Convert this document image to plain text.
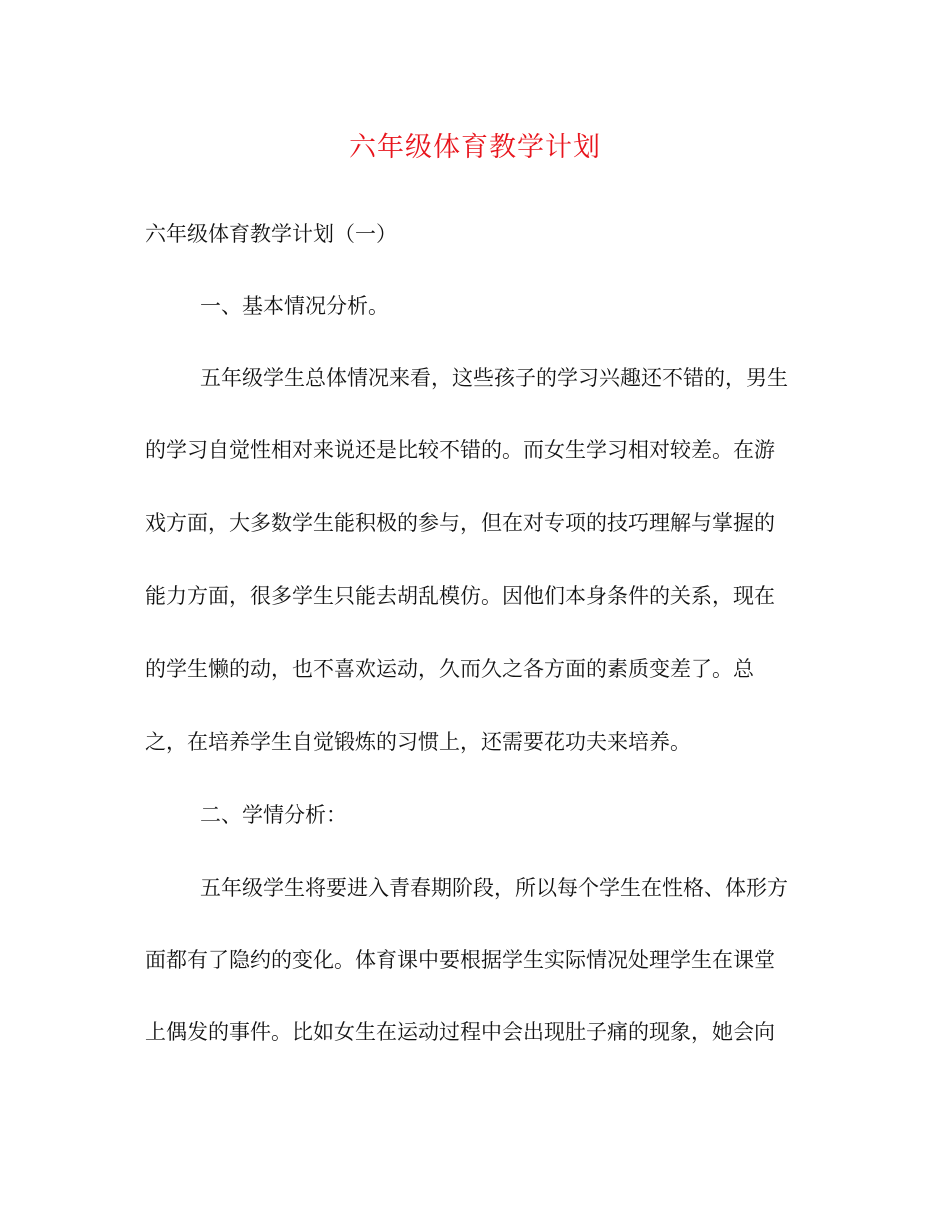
六年级体育教学计划
六年级体育教学计划（一）
一、基本情况分析。
五年级学生总体情况来看，这些孩子的学习兴趣还不错的，男生
的学习自觉性相对来说还是比较不错的。而女生学习相对较差。在游
戏方面，大多数学生能积极的参与，但在对专项的技巧理解与掌握的
能力方面，很多学生只能去胡乱模仿。因他们本身条件的关系，现在
的学生懒的动，也不喜欢运动，久而久之各方面的素质变差了。总
之，在培养学生自觉锻炼的习惯上，还需要花功夫来培养。
二、学情分析：
五年级学生将要进入青春期阶段，所以每个学生在性格、体形方
面都有了隐约的变化。体育课中要根据学生实际情况处理学生在课堂
上偶发的事件。比如女生在运动过程中会出现肚子痛的现象，她会向
